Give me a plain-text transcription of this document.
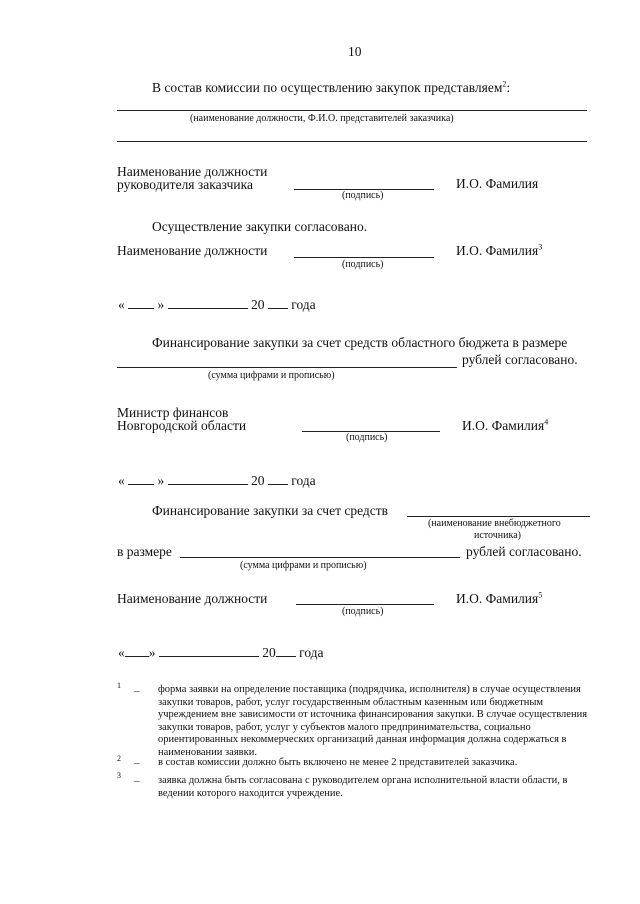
10
В состав комиссии по осуществлению закупок представляем$^2$:
(наименование должности, Ф.И.О. представителей заказчика)
Наименование должности
руководителя заказчика
(подпись)
И.О. Фамилия
Осуществление закупки согласовано.
Наименование должности
(подпись)
И.О. Фамилия$^3$
« »	20 года
Финансирование закупки за счет средств областного бюджета в размере
рублей согласовано.
(сумма цифрами и прописью)
Министр финансов
Новгородской области
(подпись)
И.О. Фамилия$^4$
« »	20 года
Финансирование закупки за счет средств
(наименование внебюджетного
источника)
в размере	рублей согласовано.
(сумма цифрами и прописью)
Наименование должности
(подпись)
И.О. Фамилия$^5$
« »	20 года
1 – форма заявки на определение поставщика (подрядчика, исполнителя) в случае осуществления закупки товаров, работ, услуг государственным областным казенным или бюджетным учреждением вне зависимости от источника финансирования закупки. В случае осуществления закупки товаров, работ, услуг у субъектов малого предпринимательства, социально ориентированных некоммерческих организаций данная информация должна содержаться в наименовании заявки.
2 – в состав комиссии должно быть включено не менее 2 представителей заказчика.
3 – заявка должна быть согласована с руководителем органа исполнительной власти области, в ведении которого находится учреждение.
